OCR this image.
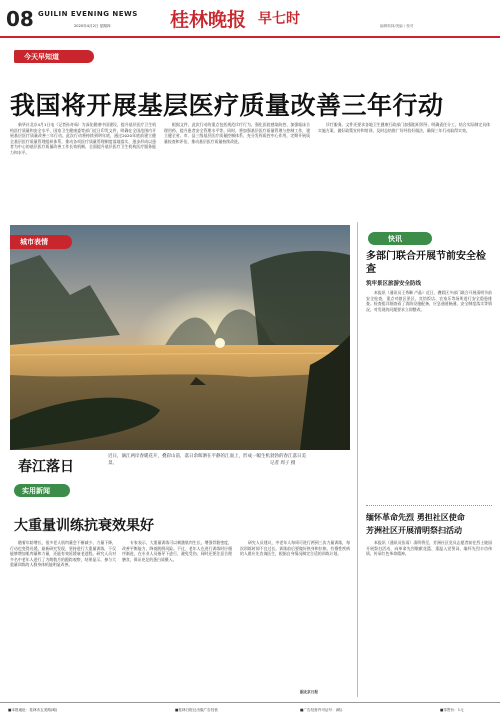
08 GUILIN EVENING NEWS
2020年4月2日 星期四	桂林晚报 早七时	编辑郭林/美编 / 校对
今天早知道
我国将开展基层医疗质量改善三年行动

新华社北京4月1日电（记者孙奇茹）为深化健康中国建设，提升基层医疗卫生机构医疗质量和安全水平，国家卫生健康委等部门近日印发文件，明确在全国范围内开展基层医疗质量改善三年行动。此次行动将持续到明年底，通过2020年底前建立健全基层医疗质量管理组织体系，推动各项医疗质量管理制度落地落实，逐步形成以患者为中心的基层医疗质量改善工作长效机制，全面提升基层医疗卫生机构医疗服务能力和水平。

根据文件，此次行动的重点包括规范诊疗行为、强化医院感染防控、加强临床合理用药、提升患者安全管理水平等。同时，将加强基层医疗质量管理与控制工作，建立健全省、市、县三级基层医疗质量控制体系，充分发挥质控中心作用，定期开展质量检查和评估，推动基层医疗质量持续改进。

诊疗服务。文件还要求各地卫生健康行政部门加强组织领导，明确责任分工，结合实际制定具体实施方案，做好政策宣传和培训，及时总结推广好经验好做法，确保三年行动取得实效。

城市表情
春江落日
近日，漓江两岸春暖花开，叠彩山前，落日余晖洒在平静的江面上，形成一幅生机勃勃的春江落日美景。	记者 周子 摄
快讯
多部门联合开展节前安全检查
筑牢景区旅游安全防线

本报讯（通讯员王秀琳 卢晶）近日，叠彩区多部门联合开展清明节前安全检查，重点对辖区景区、宾馆饭店、农家乐等场所进行安全隐患排查。检查组详细查看了消防设施配备、应急通道畅通、安全制度落实等情况，对发现的问题要求立即整改。

缅怀革命先烈 勇担社区使命
芳洲社区开展清明祭扫活动

本报讯（通讯员张雨）清明将至，芳洲社区党员志愿者前往烈士陵园开展祭扫活动，向革命先烈敬献花篮、重温入党誓词，缅怀先烈丰功伟绩，传承红色革命精神。

实用新闻
大重量训练抗衰效果好

随着年龄增长，很多老人肌肉量会不断减少，力量下降，行动也变得迟缓。最新研究发现，坚持进行大重量训练，不仅能够增加肌肉量和力量，还能有效延缓衰老进程。研究人员对多名中老年人进行了为期数月的跟踪观察，结果显示，参与大重量训练的人群身体机能明显改善。

专家表示，大重量训练可以刺激肌肉生长，增强骨骼密度，改善平衡能力，降低跌倒风险。不过，老年人在进行训练时应循序渐进，在专业人员指导下进行，避免受伤。同时还要注意合理膳食，保证充足的蛋白质摄入。

研究人员建议，中老年人每周可进行两到三次力量训练，每次训练时间不宜过长，训练前后要做好热身和拉伸。有慢性疾病的人群应先咨询医生，根据自身情况制定合适的训练计划。

据北京日报
■本报地址：桂林市五美路(略)	■桂林日报社出版广告经营	■广告经营许可证号：(略)	■零售价：1元
